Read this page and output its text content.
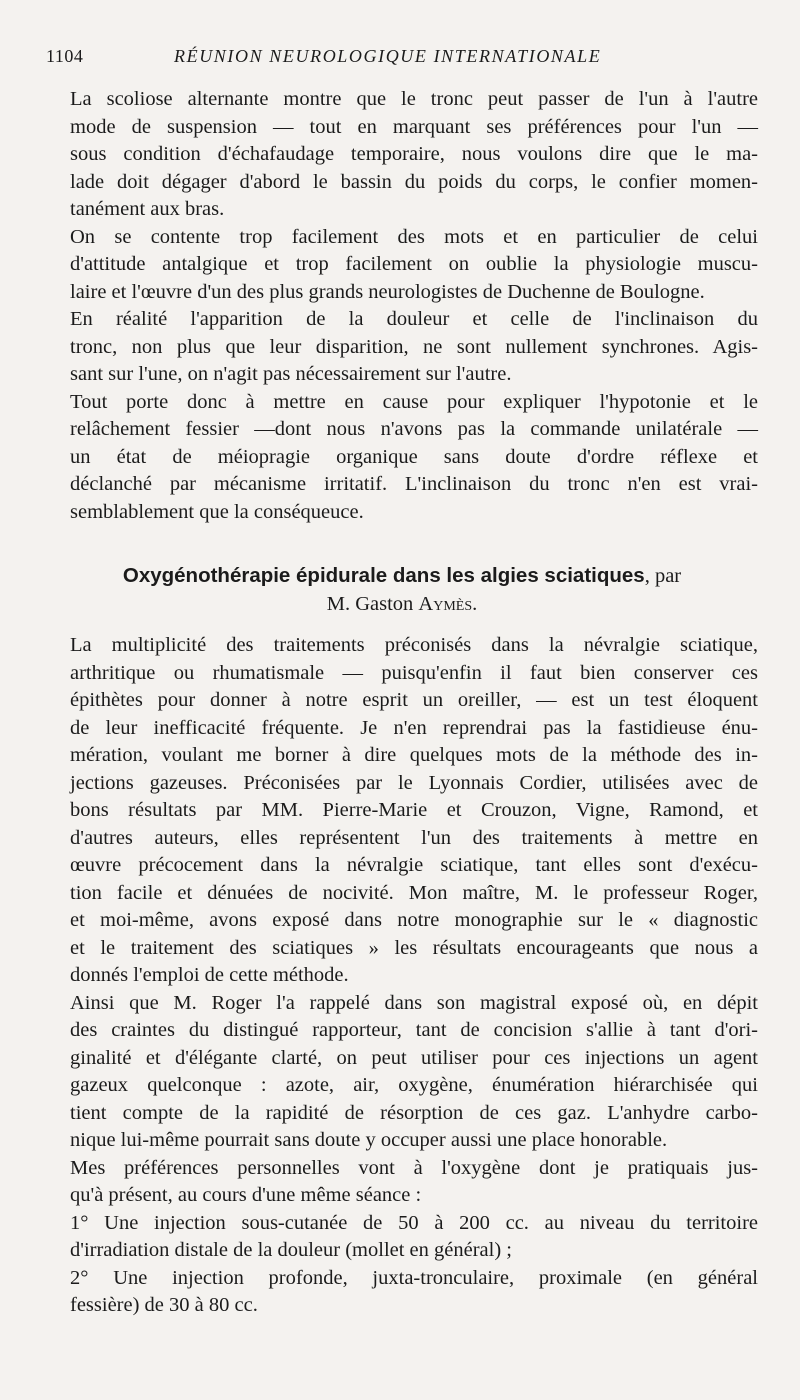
1104	RÉUNION NEUROLOGIQUE INTERNATIONALE

La scoliose alternante montre que le tronc peut passer de l'un à l'autre
mode de suspension — tout en marquant ses préférences pour l'un —
sous condition d'échafaudage temporaire, nous voulons dire que le ma-
lade doit dégager d'abord le bassin du poids du corps, le confier momen-
tanément aux bras.

On se contente trop facilement des mots et en particulier de celui
d'attitude antalgique et trop facilement on oublie la physiologie muscu-
laire et l'œuvre d'un des plus grands neurologistes de Duchenne de Boulogne.

En réalité l'apparition de la douleur et celle de l'inclinaison du
tronc, non plus que leur disparition, ne sont nullement synchrones. Agis-
sant sur l'une, on n'agit pas nécessairement sur l'autre.

Tout porte donc à mettre en cause pour expliquer l'hypotonie et le
relâchement fessier —dont nous n'avons pas la commande unilatérale —
un état de méiopragie organique sans doute d'ordre réflexe et
déclanché par mécanisme irritatif. L'inclinaison du tronc n'en est vrai-
semblablement que la conséqueuce.

Oxygénothérapie épidurale dans les algies sciatiques, par
M. Gaston Aymès.

La multiplicité des traitements préconisés dans la névralgie sciatique,
arthritique ou rhumatismale — puisqu'enfin il faut bien conserver ces
épithètes pour donner à notre esprit un oreiller, — est un test éloquent
de leur inefficacité fréquente. Je n'en reprendrai pas la fastidieuse énu-
mération, voulant me borner à dire quelques mots de la méthode des in-
jections gazeuses. Préconisées par le Lyonnais Cordier, utilisées avec de
bons résultats par MM. Pierre-Marie et Crouzon, Vigne, Ramond, et
d'autres auteurs, elles représentent l'un des traitements à mettre en
œuvre précocement dans la névralgie sciatique, tant elles sont d'exécu-
tion facile et dénuées de nocivité. Mon maître, M. le professeur Roger,
et moi-même, avons exposé dans notre monographie sur le « diagnostic
et le traitement des sciatiques » les résultats encourageants que nous a
donnés l'emploi de cette méthode.

Ainsi que M. Roger l'a rappelé dans son magistral exposé où, en dépit
des craintes du distingué rapporteur, tant de concision s'allie à tant d'ori-
ginalité et d'élégante clarté, on peut utiliser pour ces injections un agent
gazeux quelconque : azote, air, oxygène, énumération hiérarchisée qui
tient compte de la rapidité de résorption de ces gaz. L'anhydre carbo-
nique lui-même pourrait sans doute y occuper aussi une place honorable.

Mes préférences personnelles vont à l'oxygène dont je pratiquais jus-
qu'à présent, au cours d'une même séance :

1° Une injection sous-cutanée de 50 à 200 cc. au niveau du territoire
d'irradiation distale de la douleur (mollet en général) ;

2° Une injection profonde, juxta-tronculaire, proximale (en général
fessière) de 30 à 80 cc.
